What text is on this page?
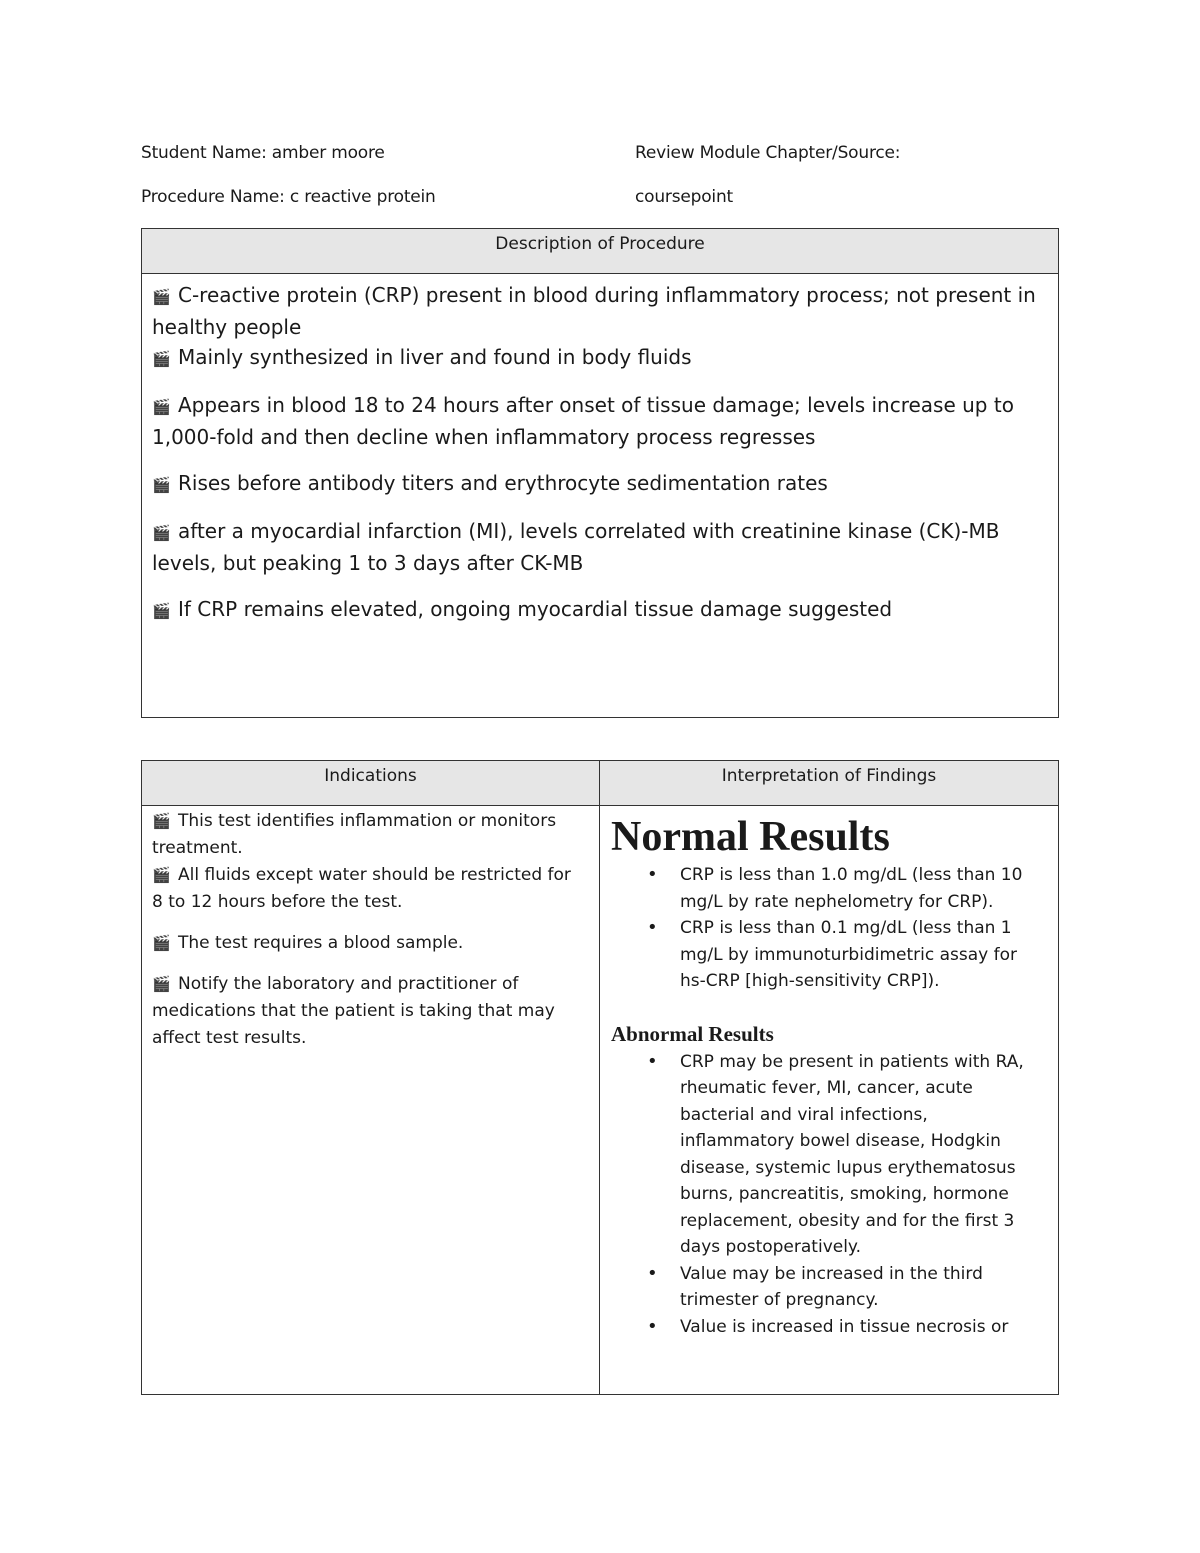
Student Name: amber moore
Procedure Name: c reactive protein
Review Module Chapter/Source:
coursepoint
Description of Procedure
🎬 C-reactive protein (CRP) present in blood during inflammatory process; not present in healthy people
🎬 Mainly synthesized in liver and found in body fluids
🎬 Appears in blood 18 to 24 hours after onset of tissue damage; levels increase up to 1,000-fold and then decline when inflammatory process regresses
🎬 Rises before antibody titers and erythrocyte sedimentation rates
🎬 after a myocardial infarction (MI), levels correlated with creatinine kinase (CK)-MB levels, but peaking 1 to 3 days after CK-MB
🎬 If CRP remains elevated, ongoing myocardial tissue damage suggested
Indications	Interpretation of Findings
🎬 This test identifies inflammation or monitors treatment.
🎬 All fluids except water should be restricted for 8 to 12 hours before the test.
🎬 The test requires a blood sample.
🎬 Notify the laboratory and practitioner of medications that the patient is taking that may affect test results.
Normal Results
• CRP is less than 1.0 mg/dL (less than 10 mg/L by rate nephelometry for CRP).
• CRP is less than 0.1 mg/dL (less than 1 mg/L by immunoturbidimetric assay for hs-CRP [high-sensitivity CRP]).
Abnormal Results
• CRP may be present in patients with RA, rheumatic fever, MI, cancer, acute bacterial and viral infections, inflammatory bowel disease, Hodgkin disease, systemic lupus erythematosus burns, pancreatitis, smoking, hormone replacement, obesity and for the first 3 days postoperatively.
• Value may be increased in the third trimester of pregnancy.
• Value is increased in tissue necrosis or
